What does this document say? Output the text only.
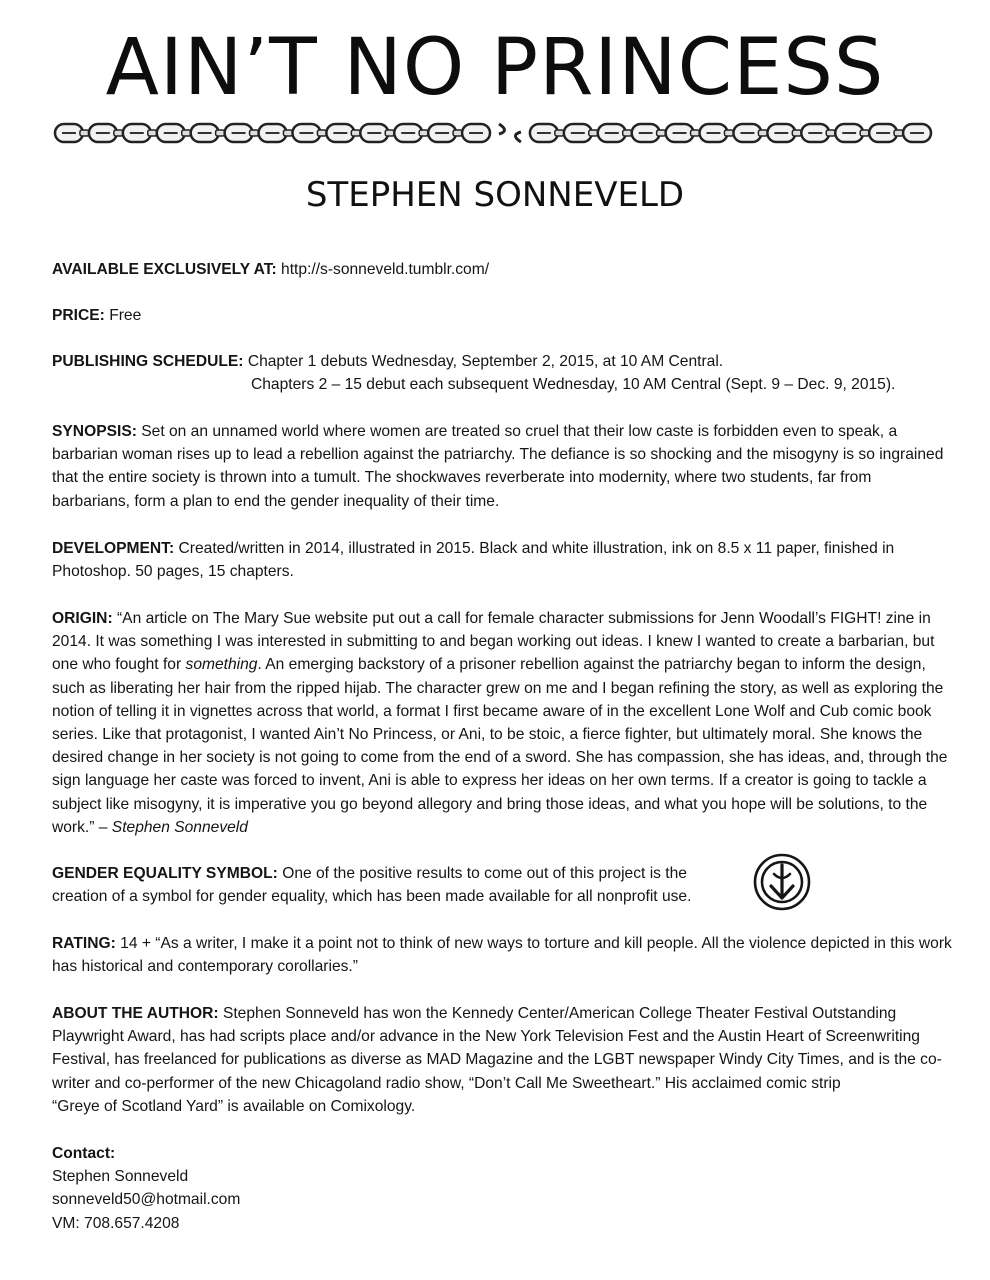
AIN’T NO PRINCESS
STEPHEN SONNEVELD
AVAILABLE EXCLUSIVELY AT: http://s-sonneveld.tumblr.com/
PRICE: Free
PUBLISHING SCHEDULE: Chapter 1 debuts Wednesday, September 2, 2015, at 10 AM Central.
Chapters 2 – 15 debut each subsequent Wednesday, 10 AM Central (Sept. 9 – Dec. 9, 2015).
SYNOPSIS: Set on an unnamed world where women are treated so cruel that their low caste is forbidden even to speak, a barbarian woman rises up to lead a rebellion against the patriarchy. The defiance is so shocking and the misogyny is so ingrained that the entire society is thrown into a tumult. The shockwaves reverberate into modernity, where two students, far from barbarians, form a plan to end the gender inequality of their time.
DEVELOPMENT: Created/written in 2014, illustrated in 2015. Black and white illustration, ink on 8.5 x 11 paper, finished in Photoshop. 50 pages, 15 chapters.
ORIGIN: “An article on The Mary Sue website put out a call for female character submissions for Jenn Woodall’s FIGHT! zine in 2014. It was something I was interested in submitting to and began working out ideas. I knew I wanted to create a barbarian, but one who fought for something. An emerging backstory of a prisoner rebellion against the patriarchy began to inform the design, such as liberating her hair from the ripped hijab. The character grew on me and I began refining the story, as well as exploring the notion of telling it in vignettes across that world, a format I first became aware of in the excellent Lone Wolf and Cub comic book series. Like that protagonist, I wanted Ain’t No Princess, or Ani, to be stoic, a fierce fighter, but ultimately moral. She knows the desired change in her society is not going to come from the end of a sword. She has compassion, she has ideas, and, through the sign language her caste was forced to invent, Ani is able to express her ideas on her own terms. If a creator is going to tackle a subject like misogyny, it is imperative you go beyond allegory and bring those ideas, and what you hope will be solutions, to the work.” – Stephen Sonneveld
GENDER EQUALITY SYMBOL: One of the positive results to come out of this project is the creation of a symbol for gender equality, which has been made available for all nonprofit use.
RATING: 14 + “As a writer, I make it a point not to think of new ways to torture and kill people. All the violence depicted in this work has historical and contemporary corollaries.”
ABOUT THE AUTHOR: Stephen Sonneveld has won the Kennedy Center/American College Theater Festival Outstanding Playwright Award, has had scripts place and/or advance in the New York Television Fest and the Austin Heart of Screenwriting Festival, has freelanced for publications as diverse as MAD Magazine and the LGBT newspaper Windy City Times, and is the co-writer and co-performer of the new Chicagoland radio show, “Don’t Call Me Sweetheart.” His acclaimed comic strip
“Greye of Scotland Yard” is available on Comixology.
Contact:
Stephen Sonneveld
sonneveld50@hotmail.com
VM: 708.657.4208
